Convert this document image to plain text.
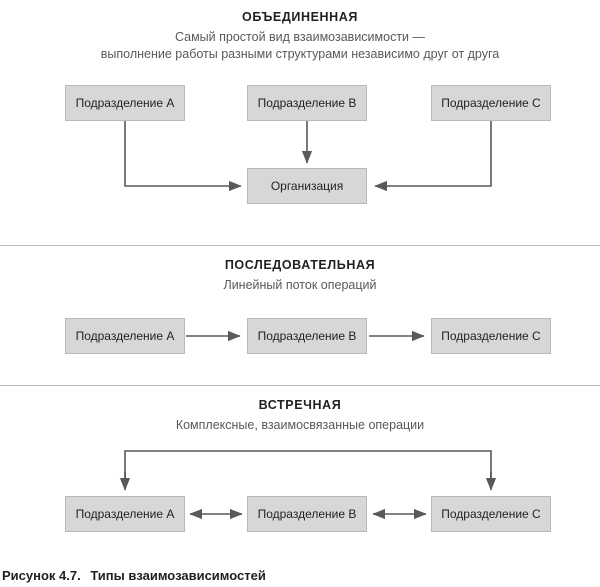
ОБЪЕДИНЕННАЯ
Самый простой вид взаимозависимости —
выполнение работы разными структурами независимо друг от друга
Подразделение A	Подразделение B	Подразделение C
Организация
ПОСЛЕДОВАТЕЛЬНАЯ
Линейный поток операций
Подразделение A	Подразделение B	Подразделение C
ВСТРЕЧНАЯ
Комплексные, взаимосвязанные операции
Подразделение A	Подразделение B	Подразделение C
Рисунок 4.7. Типы взаимозависимостей
